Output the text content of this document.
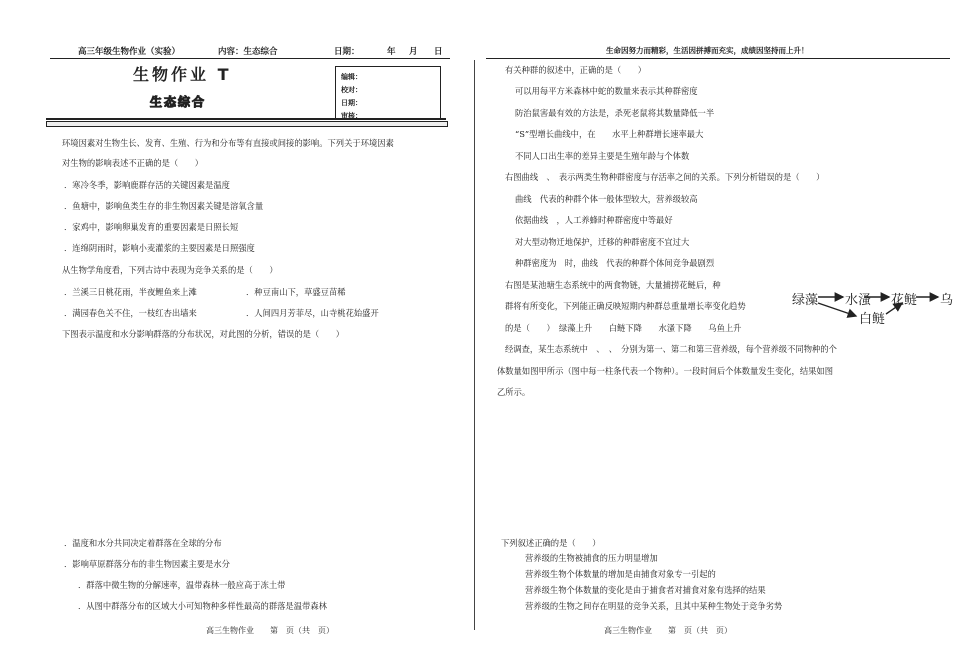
高三年级生物作业（实验）	内容：生态综合	日期：	年 月 日	生命因努力而精彩，生活因拼搏而充实，成绩因坚持而上升！
生物作业 T
生态综合
编辑：
校对：
日期：
审核：
环境因素对生物生长、发育、生殖、行为和分布等有直接或间接的影响。下列关于环境因素
对生物的影响表述不正确的是（　　）
．寒冷冬季，影响鹿群存活的关键因素是温度
．鱼塘中，影响鱼类生存的非生物因素关键是溶氧含量
．家鸡中，影响卵巢发育的重要因素是日照长短
．连绵阴雨时，影响小麦灌浆的主要因素是日照强度
从生物学角度看，下列古诗中表现为竞争关系的是（　　）
．兰溪三日桃花雨，半夜鲤鱼来上滩	．种豆南山下，草盛豆苗稀
．满园春色关不住，一枝红杏出墙来	．人间四月芳菲尽，山寺桃花始盛开
下图表示温度和水分影响群落的分布状况，对此图的分析，错误的是（　　）
．温度和水分共同决定着群落在全球的分布
．影响草原群落分布的非生物因素主要是水分
．群落中微生物的分解速率，温带森林一般应高于冻土带
．从图中群落分布的区域大小可知物种多样性最高的群落是温带森林
有关种群的叙述中，正确的是（　　）
可以用每平方米森林中蛇的数量来表示其种群密度
防治鼠害最有效的方法是，杀死老鼠将其数量降低一半
“S”型增长曲线中，在　　水平上种群增长速率最大
不同人口出生率的差异主要是生殖年龄与个体数
右图曲线　、　表示两类生物种群密度与存活率之间的关系。下列分析错误的是（　　）
曲线　代表的种群个体一般体型较大，营养级较高
依据曲线　，人工养蜂时种群密度中等最好
对大型动物迁地保护，迁移的种群密度不宜过大
种群密度为　时，曲线　代表的种群个体间竞争最剧烈
右图是某池塘生态系统中的两食物链，大量捕捞花鲢后，种
群将有所变化，下列能正确反映短期内种群总重量增长率变化趋势
的是（　　）　绿藻上升　　白鲢下降　　水溞下降　　乌鱼上升
经调查，某生态系统中　、　、　分别为第一、第二和第三营养级，每个营养级不同物种的个
体数量如图甲所示（图中每一柱条代表一个物种）。一段时间后个体数量发生变化，结果如图
乙所示。
下列叙述正确的是（　　）
营养级的生物被捕食的压力明显增加
营养级生物个体数量的增加是由捕食对象专一引起的
营养级生物个体数量的变化是由于捕食者对捕食对象有选择的结果
营养级的生物之间存在明显的竞争关系，且其中某种生物处于竞争劣势
绿藻 水溞 花鲢 乌
白鲢
高三生物作业　　第　页（共　页）	高三生物作业　　第　页（共　页）
